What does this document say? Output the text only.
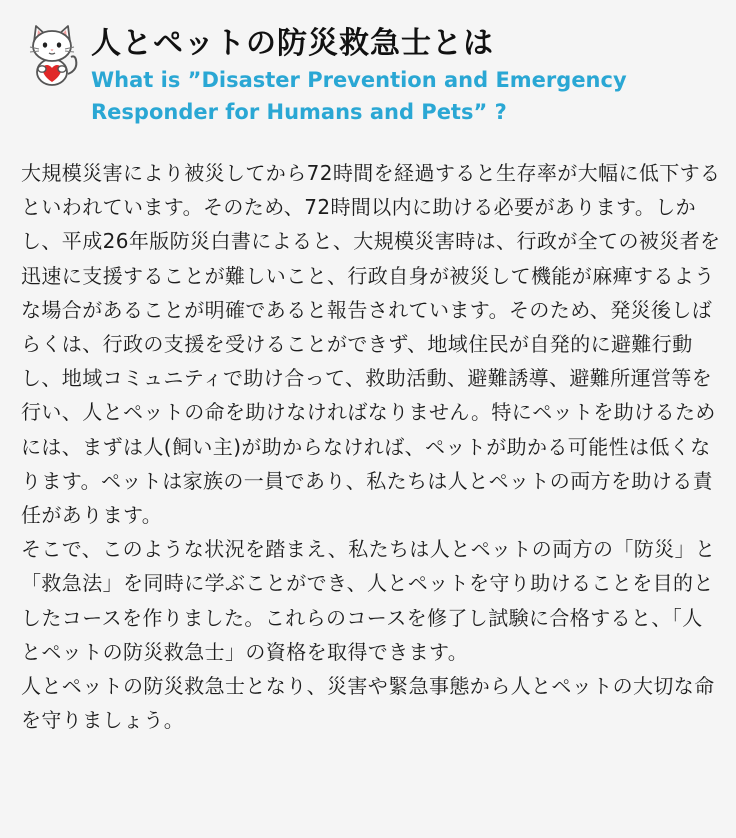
人とペットの防災救急士とは

What is ”Disaster Prevention and Emergency Responder for Humans and Pets” ?

大規模災害により被災してから72時間を経過すると生存率が大幅に低下するといわれています。そのため、72時間以内に助ける必要があります。しかし、平成26年版防災白書によると、大規模災害時は、行政が全ての被災者を迅速に支援することが難しいこと、行政自身が被災して機能が麻痺するような場合があることが明確であると報告されています。そのため、発災後しばらくは、行政の支援を受けることができず、地域住民が自発的に避難行動し、地域コミュニティで助け合って、救助活動、避難誘導、避難所運営等を行い、人とペットの命を助けなければなりません。特にペットを助けるためには、まずは人(飼い主)が助からなければ、ペットが助かる可能性は低くなります。ペットは家族の一員であり、私たちは人とペットの両方を助ける責任があります。

そこで、このような状況を踏まえ、私たちは人とペットの両方の「防災」と「救急法」を同時に学ぶことができ、人とペットを守り助けることを目的としたコースを作りました。これらのコースを修了し試験に合格すると、「人とペットの防災救急士」の資格を取得できます。

人とペットの防災救急士となり、災害や緊急事態から人とペットの大切な命を守りましょう。
